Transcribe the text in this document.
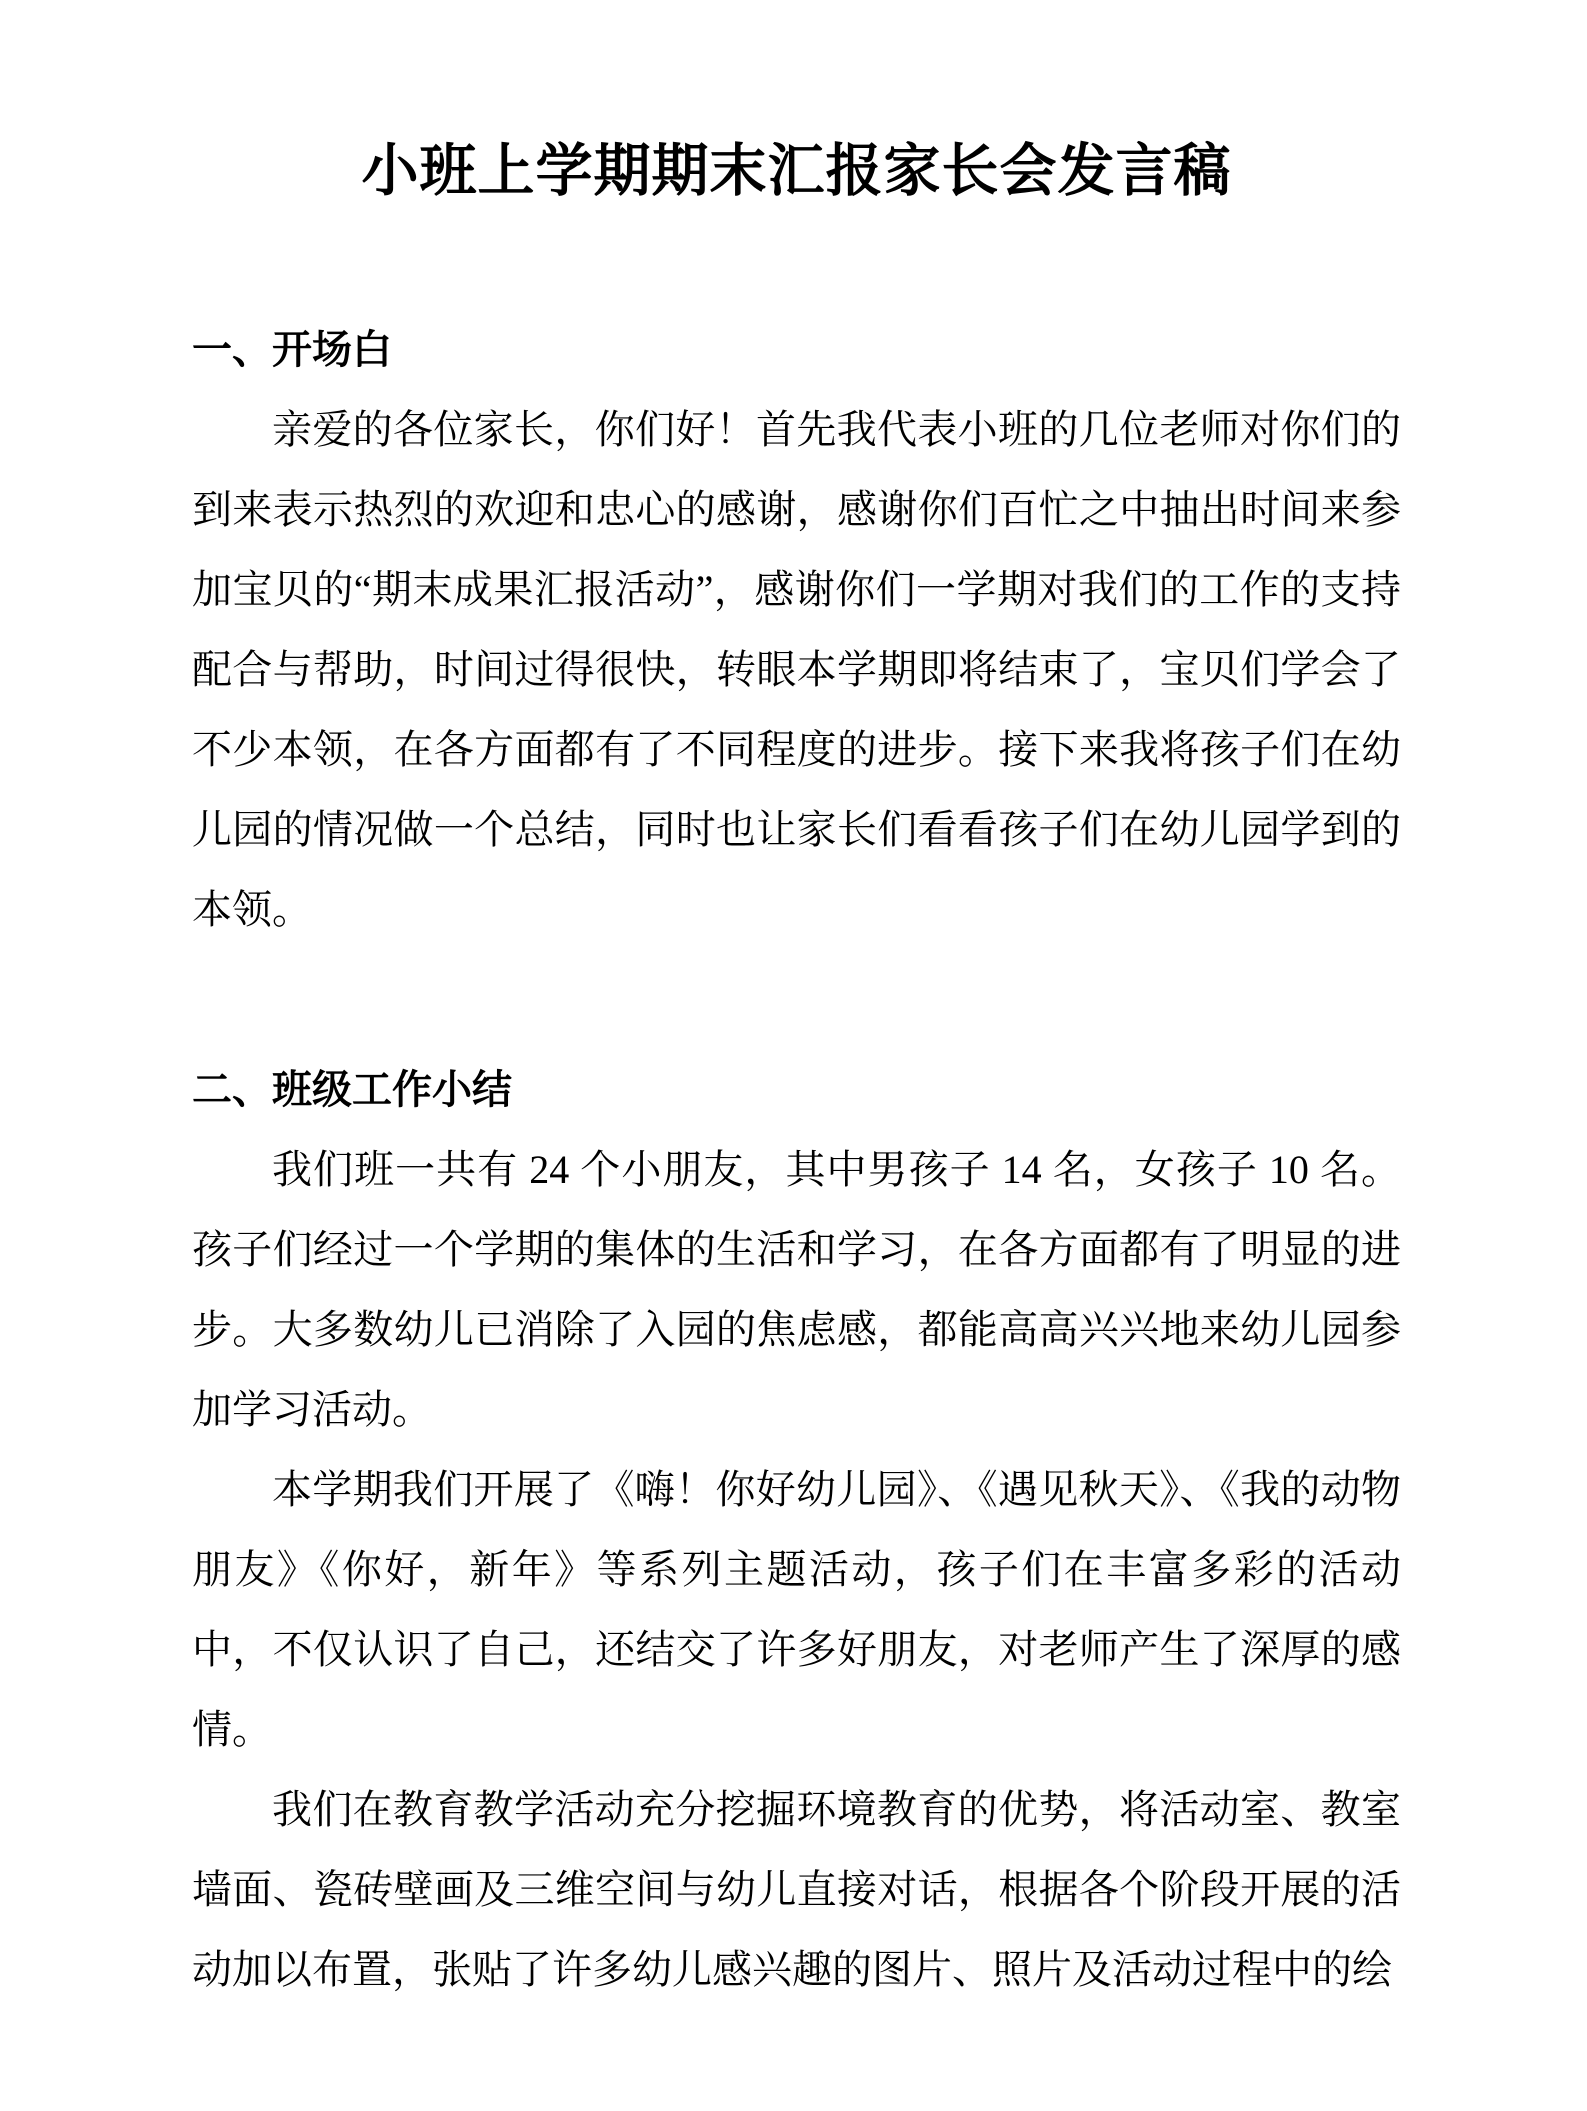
小班上学期期末汇报家长会发言稿
一、开场白

亲爱的各位家长，你们好！首先我代表小班的几位老师对你们的到来表示热烈的欢迎和忠心的感谢，感谢你们百忙之中抽出时间来参加宝贝的“期末成果汇报活动”，感谢你们一学期对我们的工作的支持配合与帮助，时间过得很快，转眼本学期即将结束了，宝贝们学会了不少本领，在各方面都有了不同程度的进步。接下来我将孩子们在幼儿园的情况做一个总结，同时也让家长们看看孩子们在幼儿园学到的本领。

二、班级工作小结

我们班一共有 24 个小朋友，其中男孩子 14 名，女孩子 10 名。孩子们经过一个学期的集体的生活和学习，在各方面都有了明显的进步。大多数幼儿已消除了入园的焦虑感，都能高高兴兴地来幼儿园参加学习活动。

本学期我们开展了《嗨！你好幼儿园》、《遇见秋天》、《我的动物朋友》《你好，新年》等系列主题活动，孩子们在丰富多彩的活动中，不仅认识了自己，还结交了许多好朋友，对老师产生了深厚的感情。

我们在教育教学活动充分挖掘环境教育的优势，将活动室、教室墙面、瓷砖壁画及三维空间与幼儿直接对话，根据各个阶段开展的活动加以布置，张贴了许多幼儿感兴趣的图片、照片及活动过程中的绘
